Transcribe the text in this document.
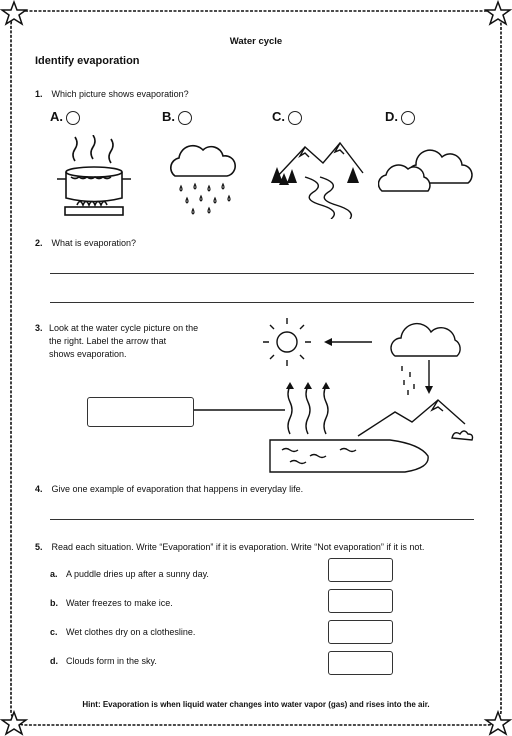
Water cycle
Identify evaporation
1. Which picture shows evaporation?
A.	B.	C.	D.
2. What is evaporation?
3. Look at the water cycle picture on the
the right. Label the arrow that
shows evaporation.
4. Give one example of evaporation that happens in everyday life.
5. Read each situation. Write “Evaporation” if it is evaporation. Write “Not evaporation” if it is not.
a. A puddle dries up after a sunny day.
b. Water freezes to make ice.
c. Wet clothes dry on a clothesline.
d. Clouds form in the sky.
Hint: Evaporation is when liquid water changes into water vapor (gas) and rises into the air.
